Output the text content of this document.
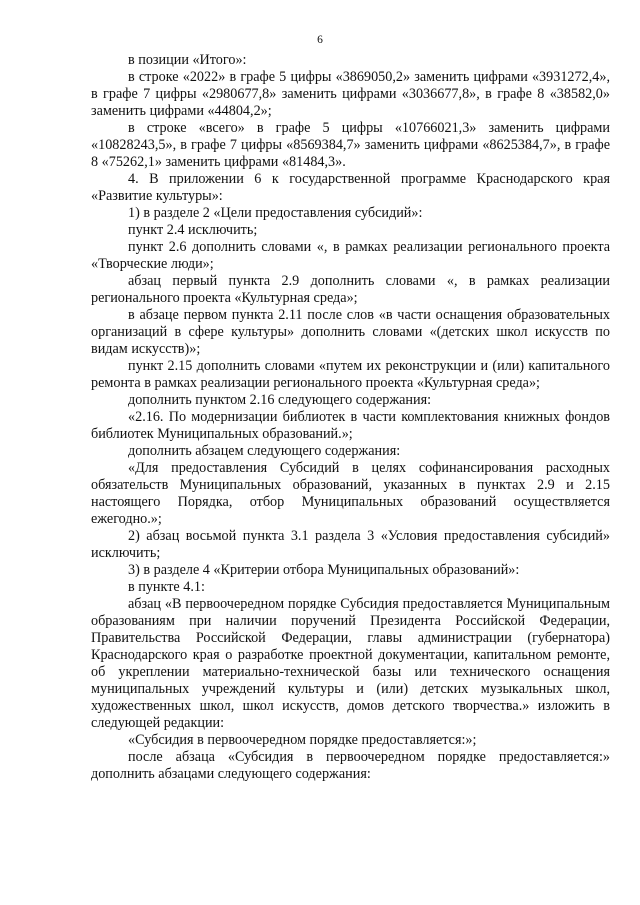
6

в позиции «Итого»:

в строке «2022» в графе 5 цифры «3869050,2» заменить цифрами «3931272,4», в графе 7 цифры «2980677,8» заменить цифрами «3036677,8», в графе 8 «38582,0» заменить цифрами «44804,2»;

в строке «всего» в графе 5 цифры «10766021,3» заменить цифрами «10828243,5», в графе 7 цифры «8569384,7» заменить цифрами «8625384,7», в графе 8 «75262,1» заменить цифрами «81484,3».

4. В приложении 6 к государственной программе Краснодарского края «Развитие культуры»:

1) в разделе 2 «Цели предоставления субсидий»:

пункт 2.4 исключить;

пункт 2.6 дополнить словами «, в рамках реализации регионального проекта «Творческие люди»;

абзац первый пункта 2.9 дополнить словами «, в рамках реализации регионального проекта «Культурная среда»;

в абзаце первом пункта 2.11 после слов «в части оснащения образовательных организаций в сфере культуры» дополнить словами «(детских школ искусств по видам искусств)»;

пункт 2.15 дополнить словами «путем их реконструкции и (или) капитального ремонта в рамках реализации регионального проекта «Культурная среда»;

дополнить пунктом 2.16 следующего содержания:

«2.16. По модернизации библиотек в части комплектования книжных фондов библиотек Муниципальных образований.»;

дополнить абзацем следующего содержания:

«Для предоставления Субсидий в целях софинансирования расходных обязательств Муниципальных образований, указанных в пунктах 2.9 и 2.15 настоящего Порядка, отбор Муниципальных образований осуществляется ежегодно.»;

2) абзац восьмой пункта 3.1 раздела 3 «Условия предоставления субсидий» исключить;

3) в разделе 4 «Критерии отбора Муниципальных образований»:

в пункте 4.1:

абзац «В первоочередном порядке Субсидия предоставляется Муниципальным образованиям при наличии поручений Президента Российской Федерации, Правительства Российской Федерации, главы администрации (губернатора) Краснодарского края о разработке проектной документации, капитальном ремонте, об укреплении материально-технической базы или технического оснащения муниципальных учреждений культуры и (или) детских музыкальных школ, художественных школ, школ искусств, домов детского творчества.» изложить в следующей редакции:

«Субсидия в первоочередном порядке предоставляется:»;

после абзаца «Субсидия в первоочередном порядке предоставляется:» дополнить абзацами следующего содержания:
